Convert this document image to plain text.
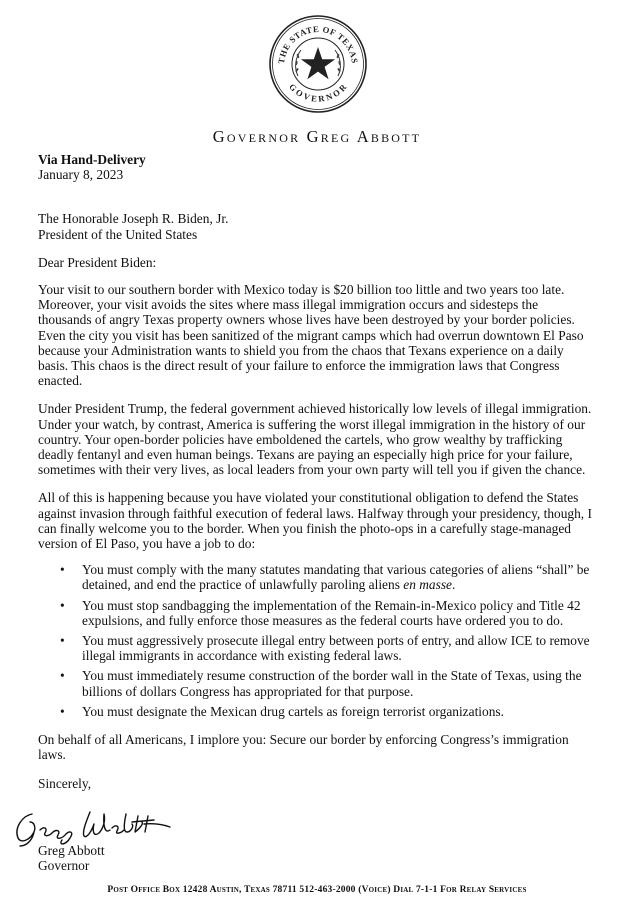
THE STATE OF TEXAS
GOVERNOR
Governor Greg Abbott

Via Hand-Delivery

January 8, 2023

The Honorable Joseph R. Biden, Jr.

President of the United States

Dear President Biden:

Your visit to our southern border with Mexico today is $20 billion too little and two years too late. Moreover, your visit avoids the sites where mass illegal immigration occurs and sidesteps the thousands of angry Texas property owners whose lives have been destroyed by your border policies. Even the city you visit has been sanitized of the migrant camps which had overrun downtown El Paso because your Administration wants to shield you from the chaos that Texans experience on a daily basis. This chaos is the direct result of your failure to enforce the immigration laws that Congress enacted.

Under President Trump, the federal government achieved historically low levels of illegal immigration. Under your watch, by contrast, America is suffering the worst illegal immigration in the history of our country. Your open-border policies have emboldened the cartels, who grow wealthy by trafficking deadly fentanyl and even human beings. Texans are paying an especially high price for your failure, sometimes with their very lives, as local leaders from your own party will tell you if given the chance.

All of this is happening because you have violated your constitutional obligation to defend the States against invasion through faithful execution of federal laws. Halfway through your presidency, though, I can finally welcome you to the border. When you finish the photo-ops in a carefully stage-managed version of El Paso, you have a job to do:

• You must comply with the many statutes mandating that various categories of aliens “shall” be detained, and end the practice of unlawfully paroling aliens en masse.
• You must stop sandbagging the implementation of the Remain-in-Mexico policy and Title 42 expulsions, and fully enforce those measures as the federal courts have ordered you to do.
• You must aggressively prosecute illegal entry between ports of entry, and allow ICE to remove illegal immigrants in accordance with existing federal laws.
• You must immediately resume construction of the border wall in the State of Texas, using the billions of dollars Congress has appropriated for that purpose.
• You must designate the Mexican drug cartels as foreign terrorist organizations.

On behalf of all Americans, I implore you: Secure our border by enforcing Congress’s immigration laws.

Sincerely,

Greg Abbott
Governor
Post Office Box 12428 Austin, Texas 78711 512-463-2000 (Voice) Dial 7-1-1 For Relay Services
